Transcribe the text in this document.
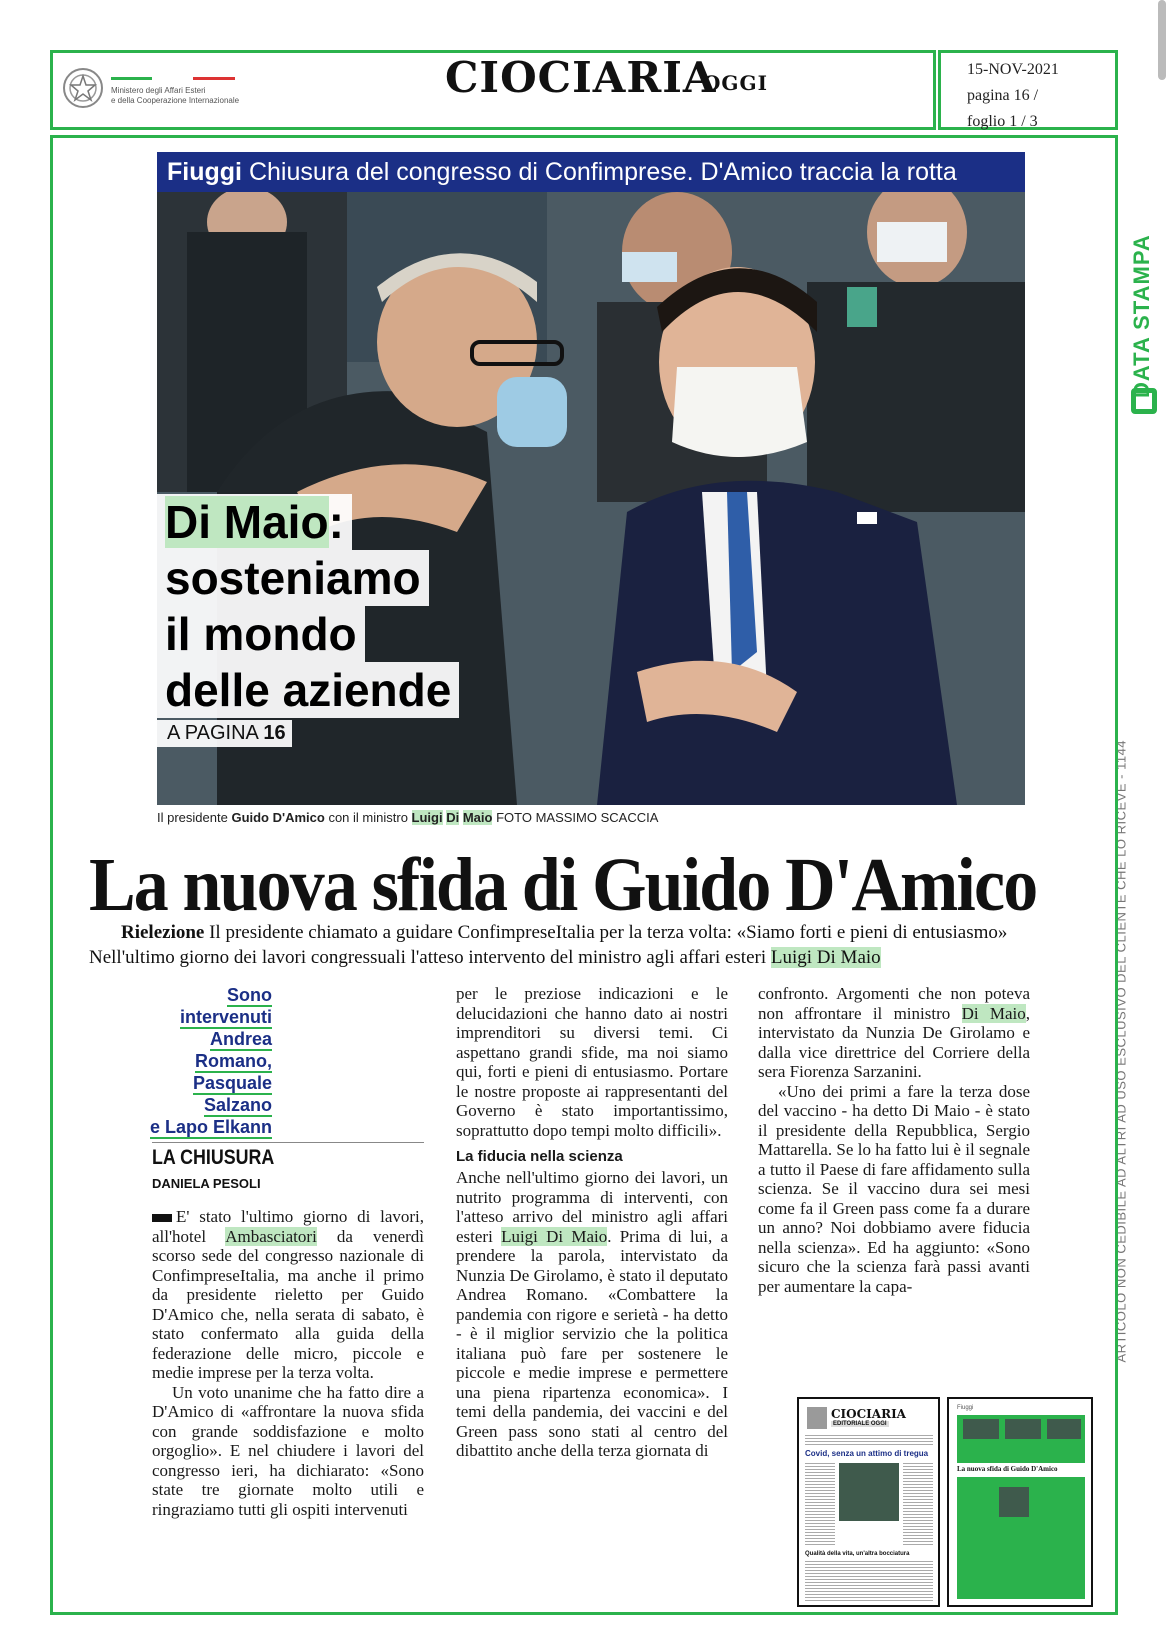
Ministero degli Affari Esteri
e della Cooperazione Internazionale	CIOCIARIA
OGGI
15-NOV-2021
pagina 16 /
foglio 1 / 3
DATA STAMPA
ARTICOLO NON CEDIBILE AD ALTRI AD USO ESCLUSIVO DEL CLIENTE CHE LO RICEVE - 1144
Fiuggi Chiusura del congresso di Confimprese. D'Amico traccia la rotta
Di Maio:
sosteniamo
il mondo
delle aziende
A PAGINA 16
Il presidente Guido D'Amico con il ministro Luigi Di Maio FOTO MASSIMO SCACCIA
La nuova sfida di Guido D'Amico
Rielezione Il presidente chiamato a guidare ConfimpreseItalia per la terza volta: «Siamo forti e pieni di entusiasmo»
Nell'ultimo giorno dei lavori congressuali l'atteso intervento del ministro agli affari esteri Luigi Di Maio
Sono
intervenuti
Andrea
Romano,
Pasquale
Salzano
e Lapo Elkann
LA CHIUSURA
DANIELA PESOLI

E' stato l'ultimo giorno di lavori, all'hotel Ambasciatori da venerdì scorso sede del congresso nazionale di ConfimpreseItalia, ma anche il primo da presidente rieletto per Guido D'Amico che, nella serata di sabato, è stato confermato alla guida della federazione delle micro, piccole e medie imprese per la terza volta.

Un voto unanime che ha fatto dire a D'Amico di «affrontare la nuova sfida con grande soddisfazione e molto orgoglio». E nel chiudere i lavori del congresso ieri, ha dichiarato: «Sono state tre giornate molto utili e ringraziamo tutti gli ospiti intervenuti

per le preziose indicazioni e le delucidazioni che hanno dato ai nostri imprenditori su diversi temi. Ci aspettano grandi sfide, ma noi siamo qui, forti e pieni di entusiasmo. Portare le nostre proposte ai rappresentanti del Governo è stato importantissimo, soprattutto dopo tempi molto difficili».

La fiducia nella scienza

Anche nell'ultimo giorno dei lavori, un nutrito programma di interventi, con l'atteso arrivo del ministro agli affari esteri Luigi Di Maio. Prima di lui, a prendere la parola, intervistato da Nunzia De Girolamo, è stato il deputato Andrea Romano. «Combattere la pandemia con rigore e serietà - ha detto - è il miglior servizio che la politica italiana può fare per sostenere le piccole e medie imprese e permettere una piena ripartenza economica». I temi della pandemia, dei vaccini e del Green pass sono stati al centro del dibattito anche della terza giornata di

confronto. Argomenti che non poteva non affrontare il ministro Di Maio, intervistato da Nunzia De Girolamo e dalla vice direttrice del Corriere della sera Fiorenza Sarzanini.

«Uno dei primi a fare la terza dose del vaccino - ha detto Di Maio - è stato il presidente della Repubblica, Sergio Mattarella. Se lo ha fatto lui è il segnale a tutto il Paese di fare affidamento sulla scienza. Se il vaccino dura sei mesi come fa il Green pass come fa a durare un anno? Noi dobbiamo avere fiducia nella scienza». Ed ha aggiunto: «Sono sicuro che la scienza farà passi avanti per aumentare la capa-

CIOCIARIA
EDITORIALE OGGI
Covid, senza un attimo di tregua
Qualità della vita, un'altra bocciatura
Fiuggi
La nuova sfida di Guido D'Amico
